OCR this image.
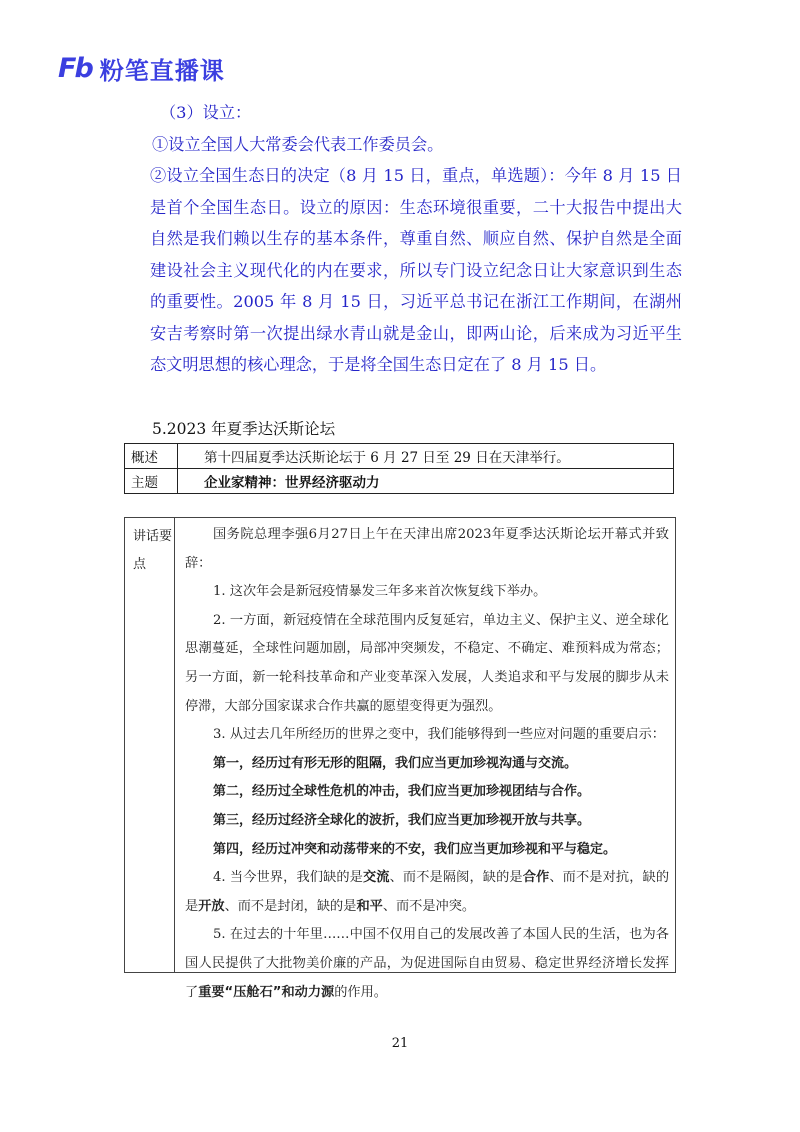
Fb 粉笔直播课
（3）设立：
①设立全国人大常委会代表工作委员会。

②设立全国生态日的决定（8 月 15 日，重点，单选题）：今年 8 月 15 日是首个全国生态日。设立的原因：生态环境很重要，二十大报告中提出大自然是我们赖以生存的基本条件，尊重自然、顺应自然、保护自然是全面建设社会主义现代化的内在要求，所以专门设立纪念日让大家意识到生态的重要性。2005 年 8 月 15 日，习近平总书记在浙江工作期间，在湖州安吉考察时第一次提出绿水青山就是金山，即两山论，后来成为习近平生态文明思想的核心理念，于是将全国生态日定在了 8 月 15 日。

5.2023 年夏季达沃斯论坛
概述	第十四届夏季达沃斯论坛于 6 月 27 日至 29 日在天津举行。
主题	企业家精神：世界经济驱动力
讲话要点

国务院总理李强6月27日上午在天津出席2023年夏季达沃斯论坛开幕式并致辞：

1. 这次年会是新冠疫情暴发三年多来首次恢复线下举办。

2. 一方面，新冠疫情在全球范围内反复延宕，单边主义、保护主义、逆全球化思潮蔓延，全球性问题加剧，局部冲突频发，不稳定、不确定、难预料成为常态；另一方面，新一轮科技革命和产业变革深入发展，人类追求和平与发展的脚步从未停滞，大部分国家谋求合作共赢的愿望变得更为强烈。

3. 从过去几年所经历的世界之变中，我们能够得到一些应对问题的重要启示：

第一，经历过有形无形的阻隔，我们应当更加珍视沟通与交流。

第二，经历过全球性危机的冲击，我们应当更加珍视团结与合作。

第三，经历过经济全球化的波折，我们应当更加珍视开放与共享。

第四，经历过冲突和动荡带来的不安，我们应当更加珍视和平与稳定。

4. 当今世界，我们缺的是交流、而不是隔阂，缺的是合作、而不是对抗，缺的是开放、而不是封闭，缺的是和平、而不是冲突。

5. 在过去的十年里……中国不仅用自己的发展改善了本国人民的生活，也为各国人民提供了大批物美价廉的产品，为促进国际自由贸易、稳定世界经济增长发挥了重要“压舱石”和动力源的作用。

21
